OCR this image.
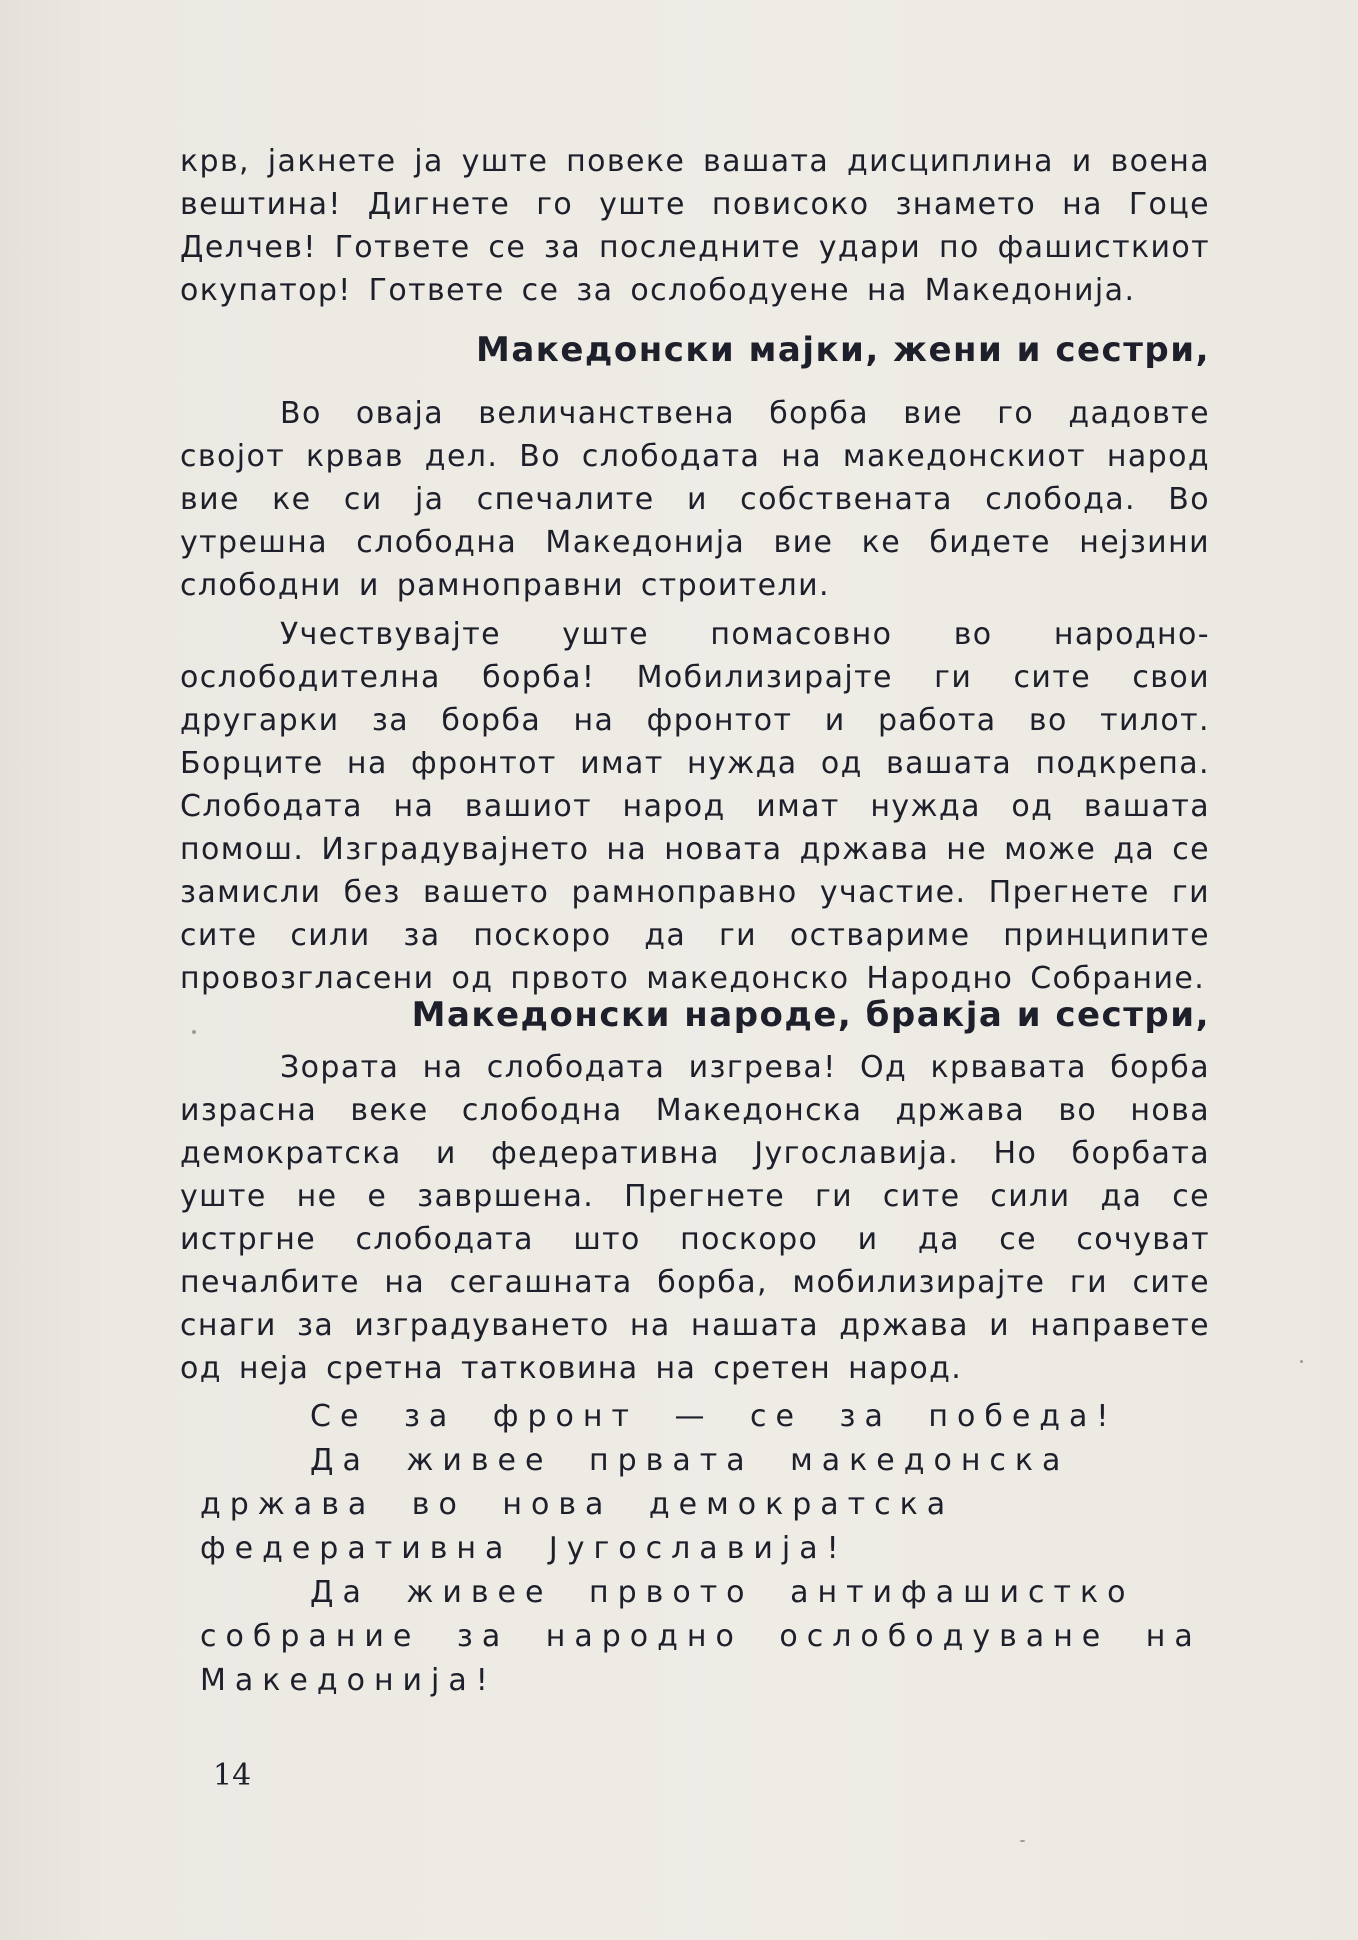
крв, јакнете ја уште повеке вашата дисциплина и воена вештина! Дигнете го уште повисоко знамето на Гоце Делчев! Гответе се за последните удари по фашисткиот окупатор! Гответе се за ослободуене на Македонија.

Македонски мајки, жени и сестри,

Во оваја величанствена борба вие го дадовте својот крвав дел. Во слободата на македонскиот народ вие ке си ја спечалите и собствената слобода. Во утрешна слободна Македонија вие ке бидете нејзини слободни и рамноправни строители.

Учествувајте уште помасовно во народно-ослободителна борба! Мобилизирајте ги сите свои другарки за борба на фронтот и работа во тилот. Борците на фронтот имат нужда од вашата подкрепа. Слободата на вашиот народ имат нужда од вашата помош. Изградувајнето на новата држава не може да се замисли без вашето рамноправно участие. Прегнете ги сите сили за поскоро да ги оствариме принципите провозгласени од првото македонско Народно Собрание.

Македонски народе, бракја и сестри,

Зората на слободата изгрева! Од крвавата борба израсна веке слободна Македонска држава во нова демократска и федеративна Југославија. Но борбата уште не е завршена. Прегнете ги сите сили да се истргне слободата што поскоро и да се сочуват печалбите на сегашната борба, мобилизирајте ги сите снаги за изградуването на нашата држава и направете од неја сретна татковина на сретен народ.

Се за фронт — се за победа!

Да живее првата македонска држава во нова демократска федеративна Југославија!

Да живее првото антифашистко собрание за народно ослободуване на Македонија!

14
